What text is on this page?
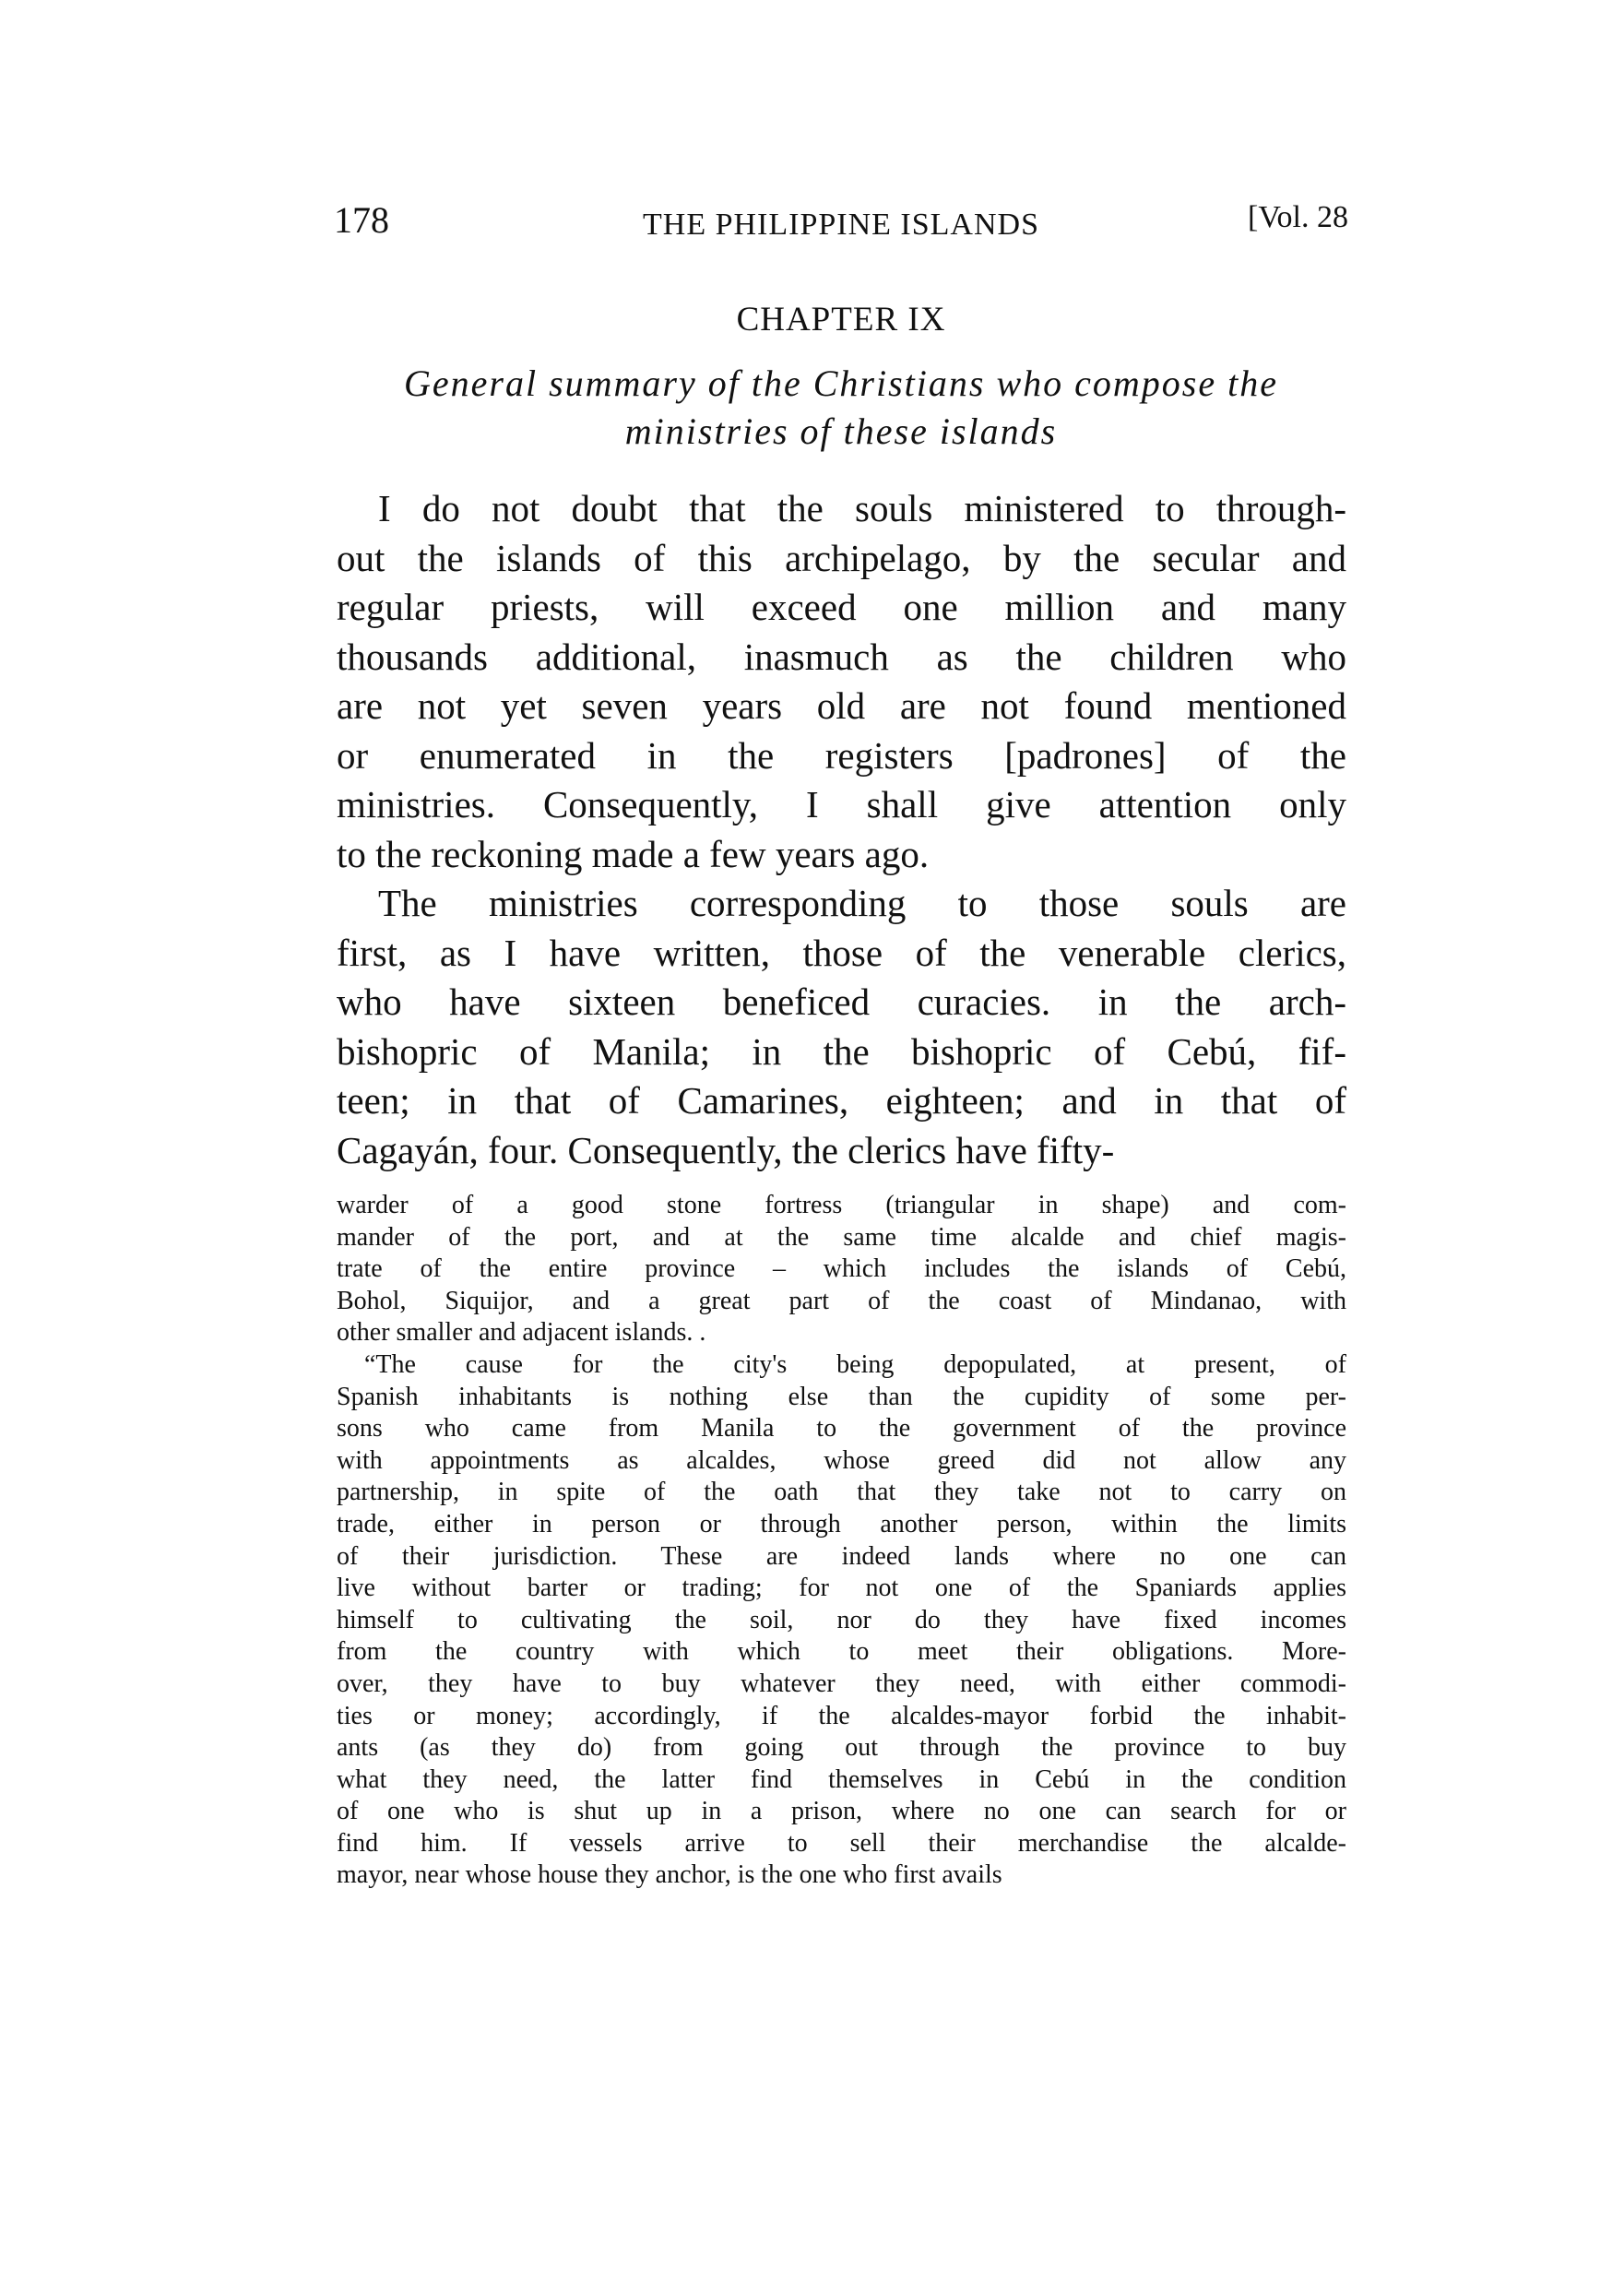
178	THE PHILIPPINE ISLANDS	[Vol. 28
CHAPTER IX
General summary of the Christians who compose the
ministries of these islands
I do not doubt that the souls ministered to through-
out the islands of this archipelago, by the secular and
regular priests, will exceed one million and many
thousands additional, inasmuch as the children who
are not yet seven years old are not found mentioned
or enumerated in the registers [padrones] of the
ministries. Consequently, I shall give attention only
to the reckoning made a few years ago.
The ministries corresponding to those souls are
first, as I have written, those of the venerable clerics,
who have sixteen beneficed curacies. in the arch-
bishopric of Manila; in the bishopric of Cebú, fif-
teen; in that of Camarines, eighteen; and in that of
Cagayán, four. Consequently, the clerics have fifty-
warder of a good stone fortress (triangular in shape) and com-
mander of the port, and at the same time alcalde and chief magis-
trate of the entire province – which includes the islands of Cebú,
Bohol, Siquijor, and a great part of the coast of Mindanao, with
other smaller and adjacent islands. .
“The cause for the city's being depopulated, at present, of
Spanish inhabitants is nothing else than the cupidity of some per-
sons who came from Manila to the government of the province
with appointments as alcaldes, whose greed did not allow any
partnership, in spite of the oath that they take not to carry on
trade, either in person or through another person, within the limits
of their jurisdiction. These are indeed lands where no one can
live without barter or trading; for not one of the Spaniards applies
himself to cultivating the soil, nor do they have fixed incomes
from the country with which to meet their obligations. More-
over, they have to buy whatever they need, with either commodi-
ties or money; accordingly, if the alcaldes-mayor forbid the inhabit-
ants (as they do) from going out through the province to buy
what they need, the latter find themselves in Cebú in the condition
of one who is shut up in a prison, where no one can search for or
find him. If vessels arrive to sell their merchandise the alcalde-
mayor, near whose house they anchor, is the one who first avails
